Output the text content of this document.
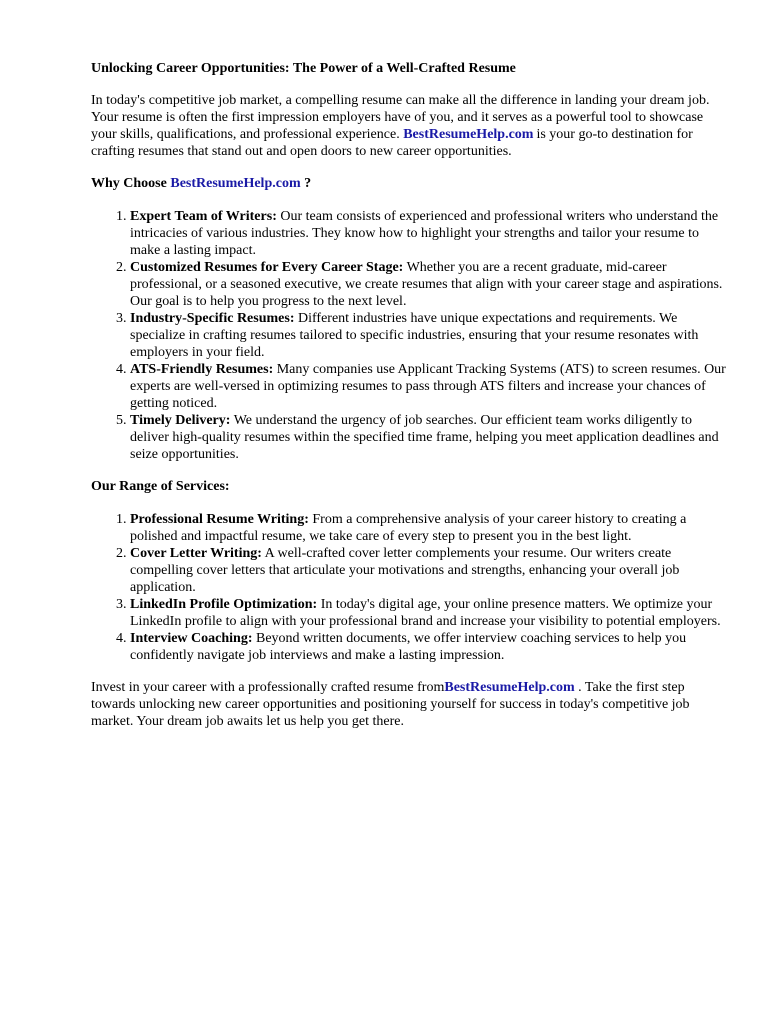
Unlocking Career Opportunities: The Power of a Well-Crafted Resume

In today's competitive job market, a compelling resume can make all the difference in landing your dream job. Your resume is often the first impression employers have of you, and it serves as a powerful tool to showcase your skills, qualifications, and professional experience. BestResumeHelp.com is your go-to destination for crafting resumes that stand out and open doors to new career opportunities.

Why Choose BestResumeHelp.com ?
1. Expert Team of Writers: Our team consists of experienced and professional writers who understand the intricacies of various industries. They know how to highlight your strengths and tailor your resume to make a lasting impact.
2. Customized Resumes for Every Career Stage: Whether you are a recent graduate, mid-career professional, or a seasoned executive, we create resumes that align with your career stage and aspirations. Our goal is to help you progress to the next level.
3. Industry-Specific Resumes: Different industries have unique expectations and requirements. We specialize in crafting resumes tailored to specific industries, ensuring that your resume resonates with employers in your field.
4. ATS-Friendly Resumes: Many companies use Applicant Tracking Systems (ATS) to screen resumes. Our experts are well-versed in optimizing resumes to pass through ATS filters and increase your chances of getting noticed.
5. Timely Delivery: We understand the urgency of job searches. Our efficient team works diligently to deliver high-quality resumes within the specified time frame, helping you meet application deadlines and seize opportunities.
Our Range of Services:
1. Professional Resume Writing: From a comprehensive analysis of your career history to creating a polished and impactful resume, we take care of every step to present you in the best light.
2. Cover Letter Writing: A well-crafted cover letter complements your resume. Our writers create compelling cover letters that articulate your motivations and strengths, enhancing your overall job application.
3. LinkedIn Profile Optimization: In today's digital age, your online presence matters. We optimize your LinkedIn profile to align with your professional brand and increase your visibility to potential employers.
4. Interview Coaching: Beyond written documents, we offer interview coaching services to help you confidently navigate job interviews and make a lasting impression.

Invest in your career with a professionally crafted resume fromBestResumeHelp.com . Take the first step towards unlocking new career opportunities and positioning yourself for success in today's competitive job market. Your dream job awaits let us help you get there.
